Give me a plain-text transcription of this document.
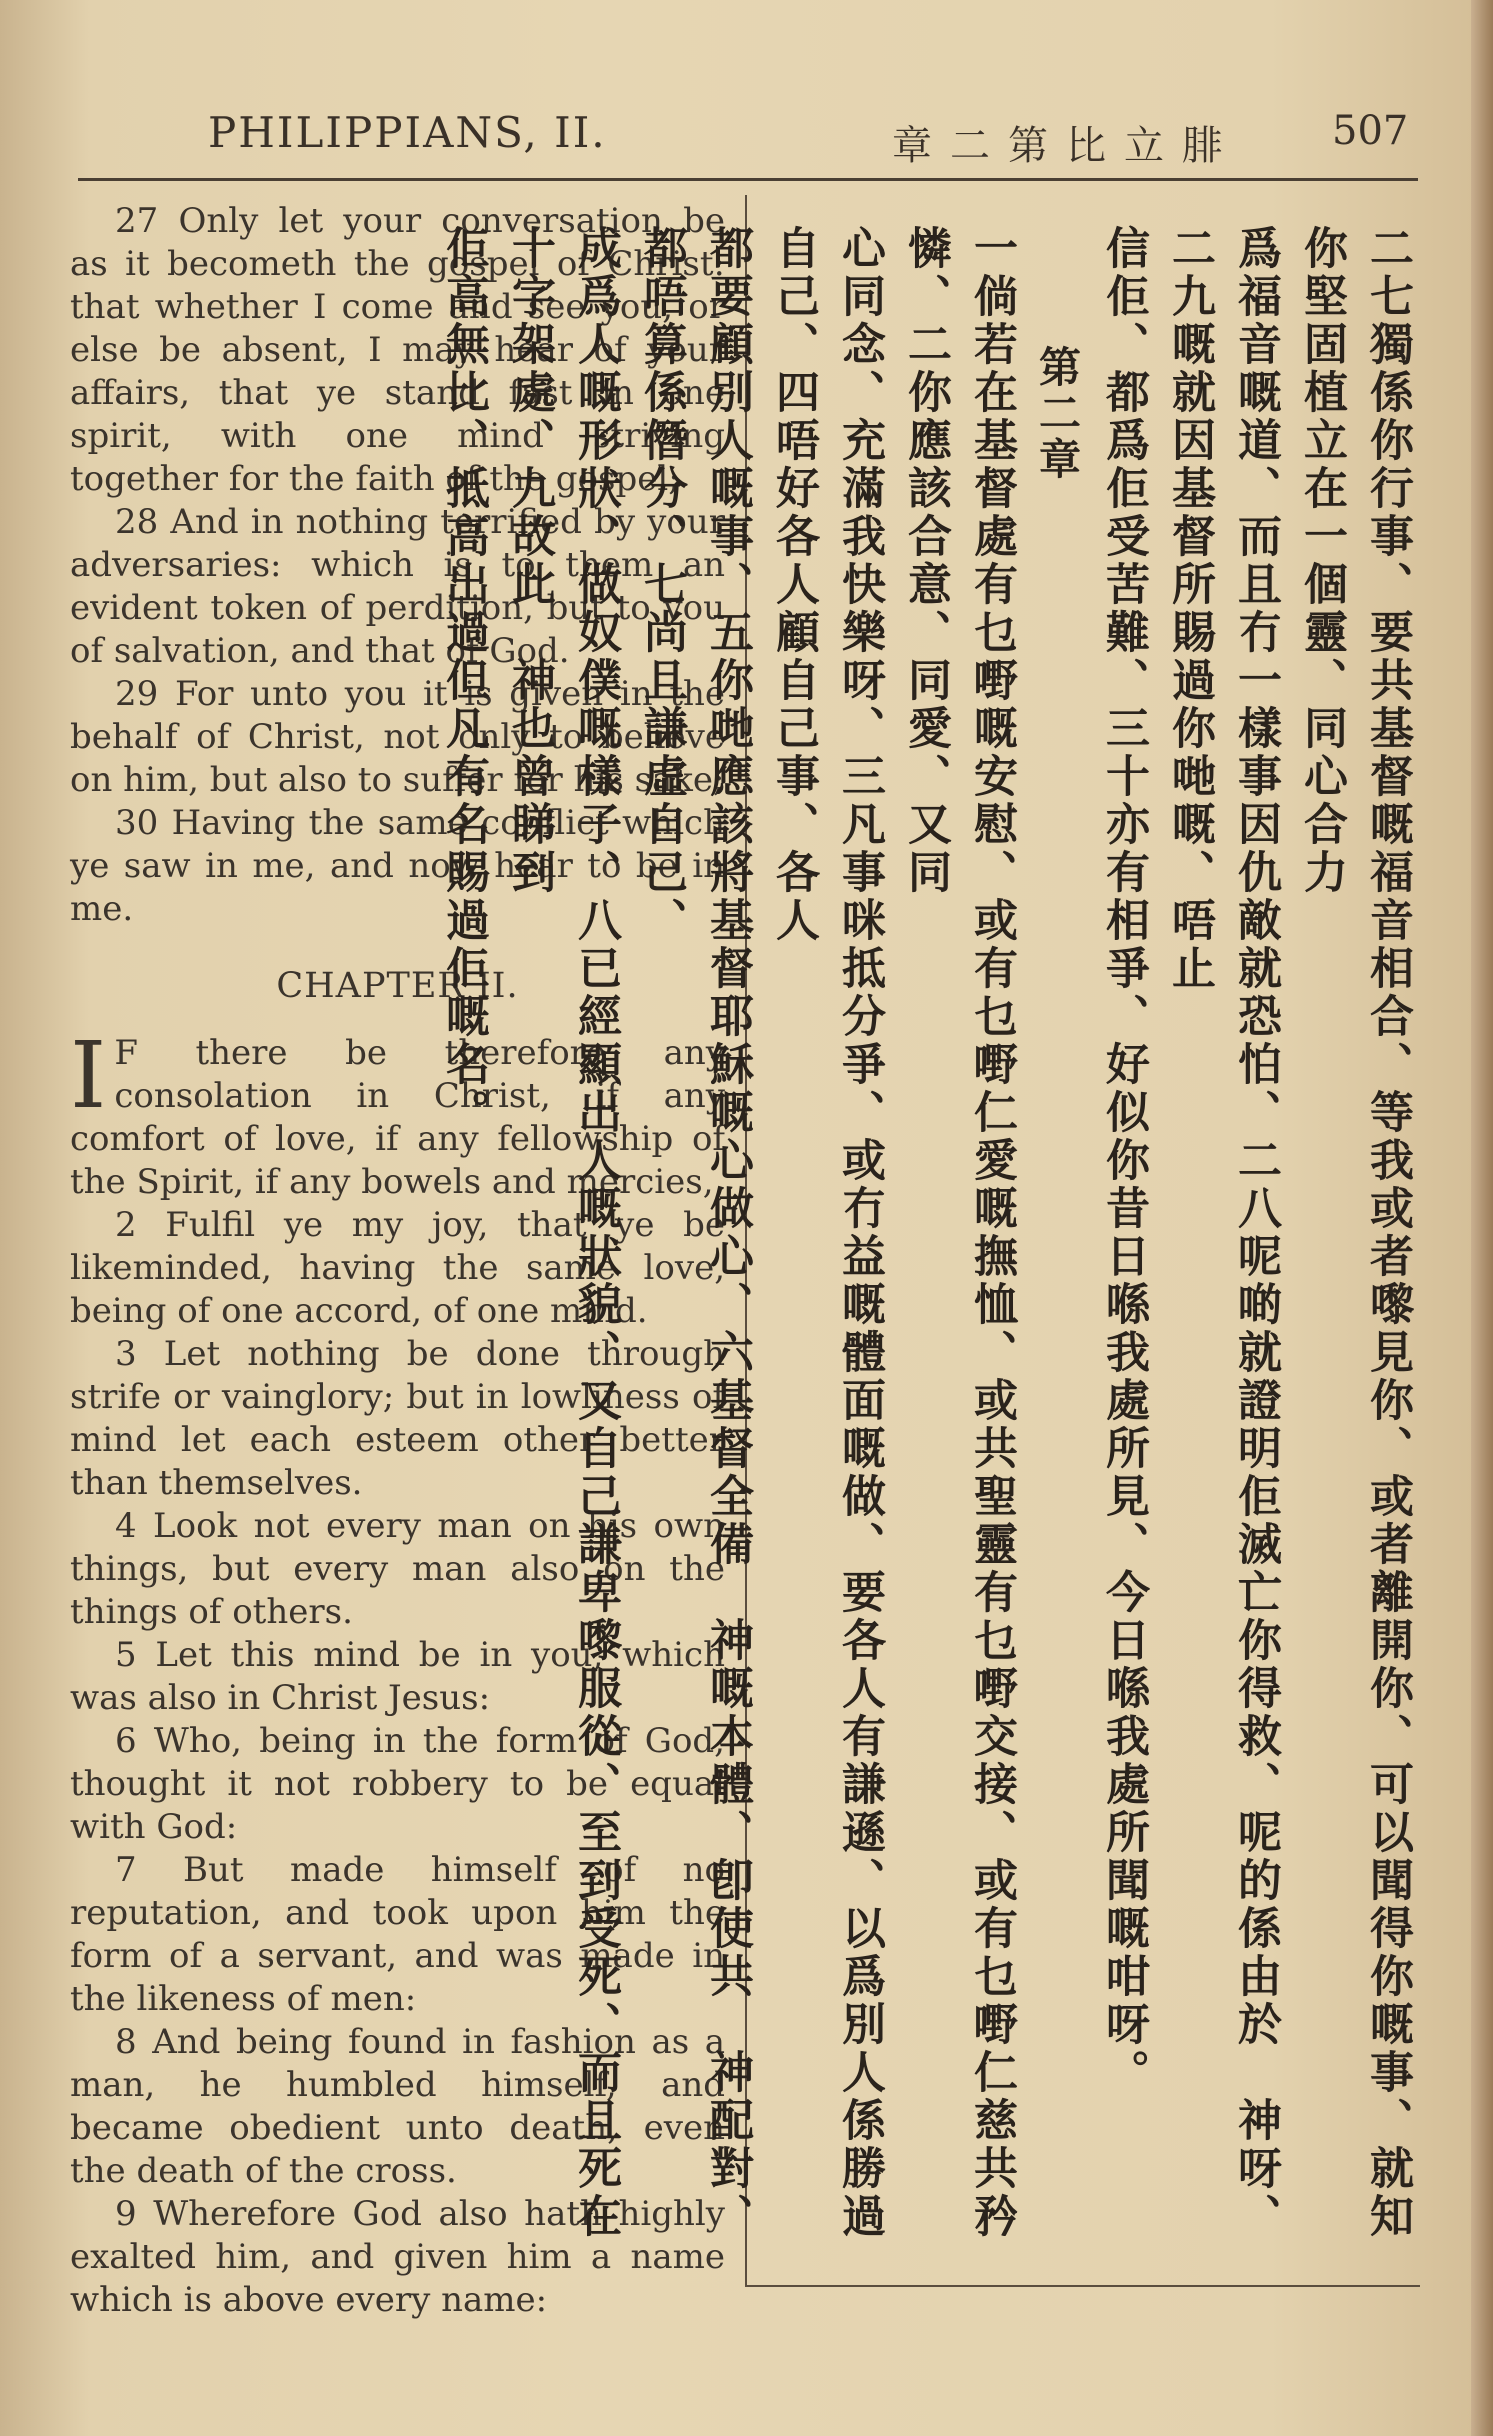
PHILIPPIANS, II.	章二第比立腓 507

27 Only let your conversation be as it becometh the gospel of Christ: that whether I come and see you, or else be absent, I may hear of your affairs, that ye stand fast in one spirit, with one mind striving together for the faith of the gospel;

28 And in nothing terrified by your adversaries: which is to them an evident token of perdition, but to you of salvation, and that of God.

29 For unto you it is given in the behalf of Christ, not only to believe on him, but also to suffer for his sake;

30 Having the same conflict which ye saw in me, and now hear to be in me.

CHAPTER II.

I F there be therefore any consolation in Christ, if any comfort of love, if any fellowship of the Spirit, if any bowels and mercies,

2 Fulfil ye my joy, that ye be likeminded, having the same love, being of one accord, of one mind.

3 Let nothing be done through strife or vainglory; but in lowliness of mind let each esteem other better than themselves.

4 Look not every man on his own things, but every man also on the things of others.

5 Let this mind be in you, which was also in Christ Jesus:

6 Who, being in the form of God, thought it not robbery to be equal with God:

7 But made himself of no reputation, and took upon him the form of a servant, and was made in the likeness of men:

8 And being found in fashion as a man, he humbled himself, and became obedient unto death, even the death of the cross.

9 Wherefore God also hath highly exalted him, and given him a name which is above every name:

二七獨係你行事、要共基督嘅福音相合、等我或者嚟見你、或者離開你、可以聞得你嘅事、就知你堅固植立在一個靈、同心合力
爲福音嘅道、而且冇一樣事因仇敵就恐怕、二八呢啲就證明佢滅亡你得救、呢的係由於　神呀、二九嘅就因基督所賜過你哋嘅、唔止
信佢、都爲佢受苦難、三十亦有相爭、好似你昔日喺我處所見、今日喺我處所聞嘅咁呀。
第二章
一倘若在基督處有乜嘢嘅安慰、或有乜嘢仁愛嘅撫恤、或共聖靈有乜嘢交接、或有乜嘢仁慈共矜憐、二你應該合意、同愛、又同
心同念、充滿我快樂呀、三凡事咪抵分爭、或冇益嘅體面嘅做、要各人有謙遜、以爲別人係勝過自己、四唔好各人顧自己事、各人
都要顧別人嘅事、五你哋應該將基督耶穌嘅心做心、六基督全備　神嘅本體、卽使共　神配對、都唔算係僭分、七尚且謙虛自己、
成爲人嘅形狀、做奴僕嘅樣子、八已經顯出人嘅狀貌、又自己謙卑嚟服從、至到受死、而且死在十字架處、九故此　神也曾睇到
佢高無比、抵高出過但凡有名賜過佢嘅名。
